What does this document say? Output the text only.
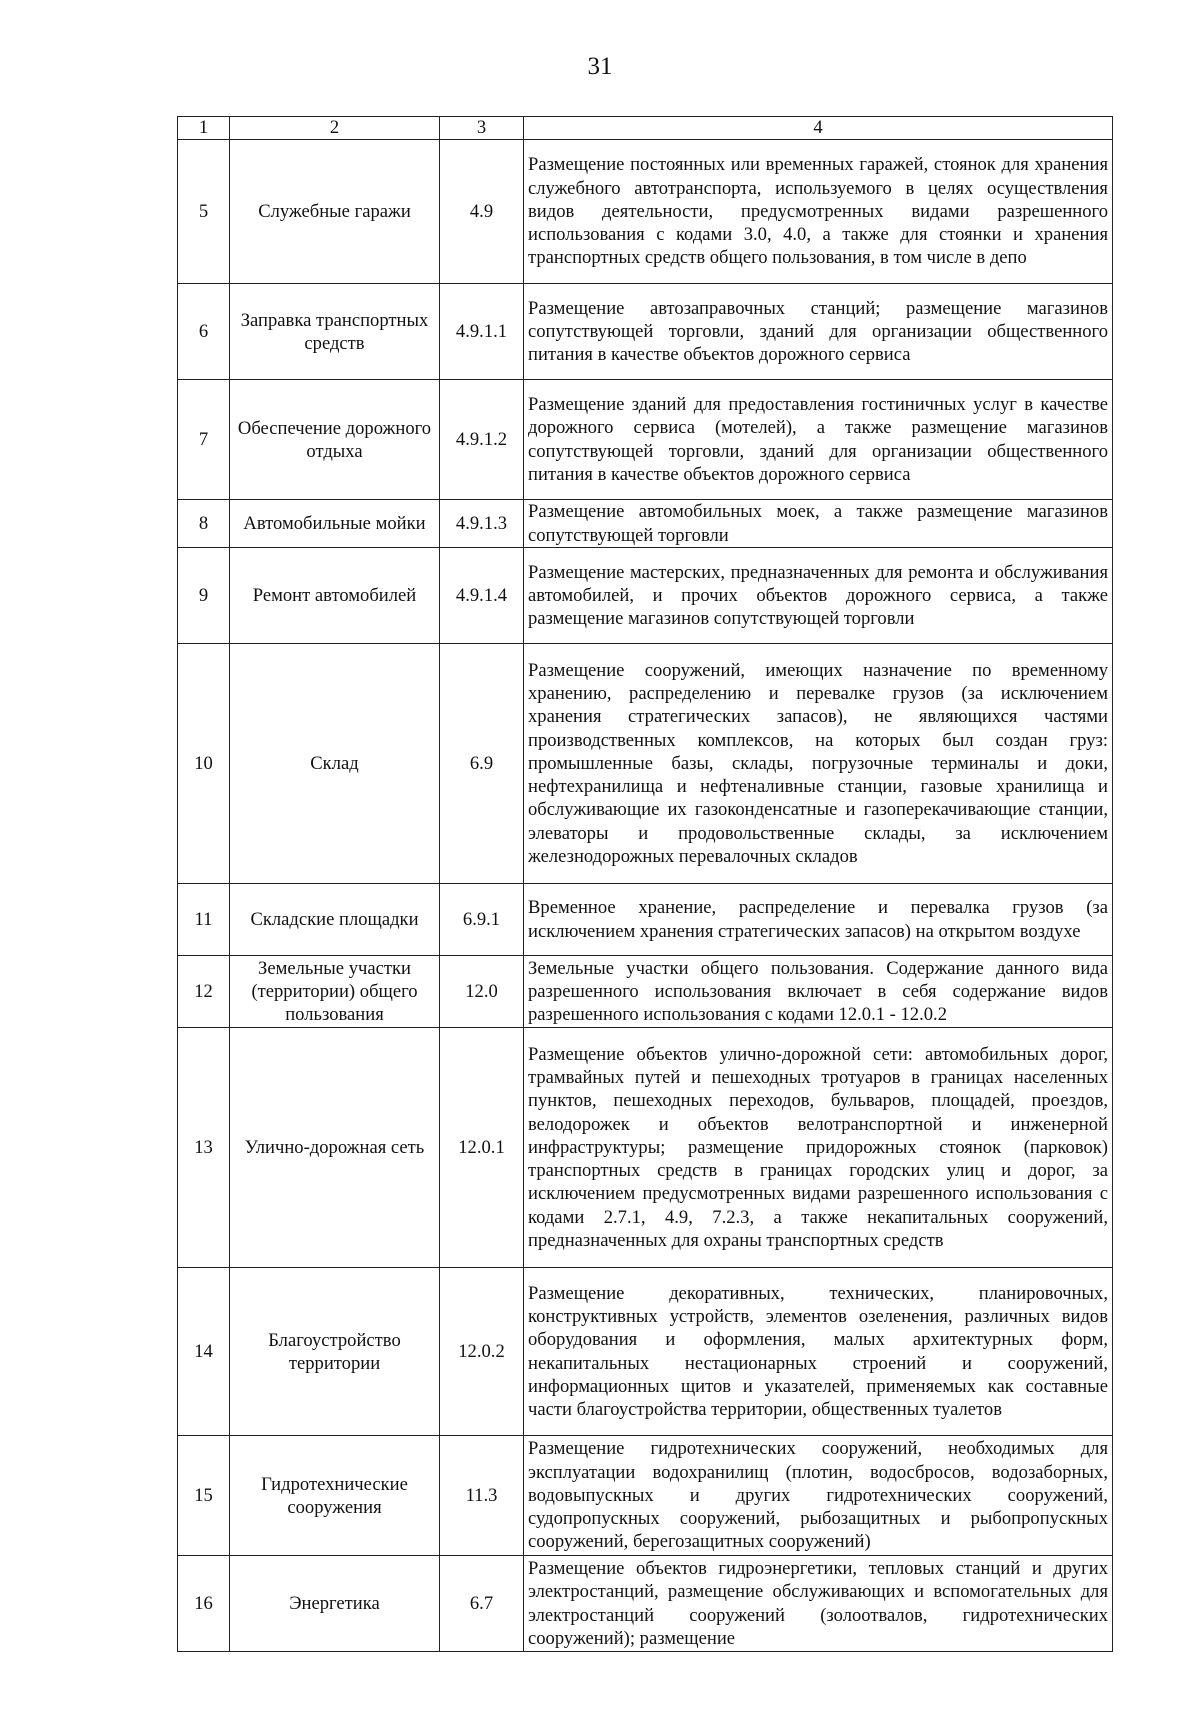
31
1	2	3	4
5	Служебные гаражи	4.9	Размещение постоянных или временных гаражей, стоянок для хранения служебного автотранспорта, используемого в целях осуществления видов деятельности, предусмотренных видами разрешенного использования с кодами 3.0, 4.0, а также для стоянки и хранения транспортных средств общего пользования, в том числе в депо
6	Заправка транспортных средств	4.9.1.1	Размещение автозаправочных станций; размещение магазинов сопутствующей торговли, зданий для организации общественного питания в качестве объектов дорожного сервиса
7	Обеспечение дорожного отдыха	4.9.1.2	Размещение зданий для предоставления гостиничных услуг в качестве дорожного сервиса (мотелей), а также размещение магазинов сопутствующей торговли, зданий для организации общественного питания в качестве объектов дорожного сервиса
8	Автомобильные мойки	4.9.1.3	Размещение автомобильных моек, а также размещение магазинов сопутствующей торговли
9	Ремонт автомобилей	4.9.1.4	Размещение мастерских, предназначенных для ремонта и обслуживания автомобилей, и прочих объектов дорожного сервиса, а также размещение магазинов сопутствующей торговли
10	Склад	6.9	Размещение сооружений, имеющих назначение по временному хранению, распределению и перевалке грузов (за исключением хранения стратегических запасов), не являющихся частями производственных комплексов, на которых был создан груз: промышленные базы, склады, погрузочные терминалы и доки, нефтехранилища и нефтеналивные станции, газовые хранилища и обслуживающие их газоконденсатные и газоперекачивающие станции, элеваторы и продовольственные склады, за исключением железнодорожных перевалочных складов
11	Складские площадки	6.9.1	Временное хранение, распределение и перевалка грузов (за исключением хранения стратегических запасов) на открытом воздухе
12	Земельные участки (территории) общего пользования	12.0	Земельные участки общего пользования. Содержание данного вида разрешенного использования включает в себя содержание видов разрешенного использования с кодами 12.0.1 - 12.0.2
13	Улично-дорожная сеть	12.0.1	Размещение объектов улично-дорожной сети: автомобильных дорог, трамвайных путей и пешеходных тротуаров в границах населенных пунктов, пешеходных переходов, бульваров, площадей, проездов, велодорожек и объектов велотранспортной и инженерной инфраструктуры; размещение придорожных стоянок (парковок) транспортных средств в границах городских улиц и дорог, за исключением предусмотренных видами разрешенного использования с кодами 2.7.1, 4.9, 7.2.3, а также некапитальных сооружений, предназначенных для охраны транспортных средств
14	Благоустройство территории	12.0.2	Размещение декоративных, технических, планировочных, конструктивных устройств, элементов озеленения, различных видов оборудования и оформления, малых архитектурных форм, некапитальных нестационарных строений и сооружений, информационных щитов и указателей, применяемых как составные части благоустройства территории, общественных туалетов
15	Гидротехнические сооружения	11.3	Размещение гидротехнических сооружений, необходимых для эксплуатации водохранилищ (плотин, водосбросов, водозаборных, водовыпускных и других гидротехнических сооружений, судопропускных сооружений, рыбозащитных и рыбопропускных сооружений, берегозащитных сооружений)
16	Энергетика	6.7	Размещение объектов гидроэнергетики, тепловых станций и других электростанций, размещение обслуживающих и вспомогательных для электростанций сооружений (золоотвалов, гидротехнических сооружений); размещение
